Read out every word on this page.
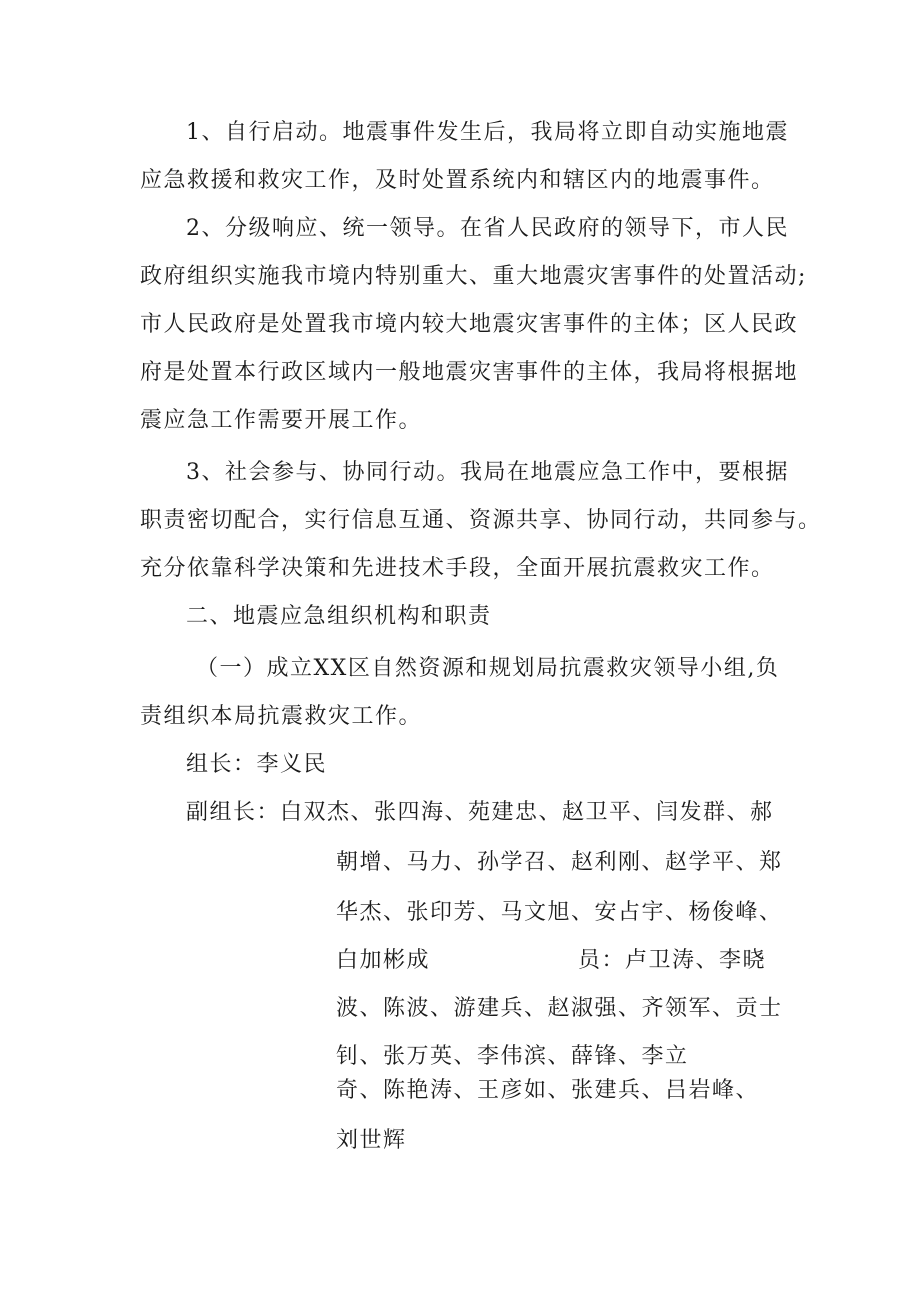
1、自行启动。地震事件发生后，我局将立即自动实施地震
应急救援和救灾工作，及时处置系统内和辖区内的地震事件。
2、分级响应、统一领导。在省人民政府的领导下，市人民
政府组织实施我市境内特别重大、重大地震灾害事件的处置活动;
市人民政府是处置我市境内较大地震灾害事件的主体；区人民政
府是处置本行政区域内一般地震灾害事件的主体，我局将根据地
震应急工作需要开展工作。
3、社会参与、协同行动。我局在地震应急工作中，要根据
职责密切配合，实行信息互通、资源共享、协同行动，共同参与。
充分依靠科学决策和先进技术手段，全面开展抗震救灾工作。
二、地震应急组织机构和职责
（一）成立XX区自然资源和规划局抗震救灾领导小组,负
责组织本局抗震救灾工作。
组长：李义民
副组长：白双杰、张四海、苑建忠、赵卫平、闫发群、郝
朝增、马力、孙学召、赵利刚、赵学平、郑
华杰、张印芳、马文旭、安占宇、杨俊峰、
白加彬成	员：卢卫涛、李晓
波、陈波、游建兵、赵淑强、齐领军、贡士
钊、张万英、李伟滨、薛锋、李立
奇、陈艳涛、王彦如、张建兵、吕岩峰、
刘世辉
